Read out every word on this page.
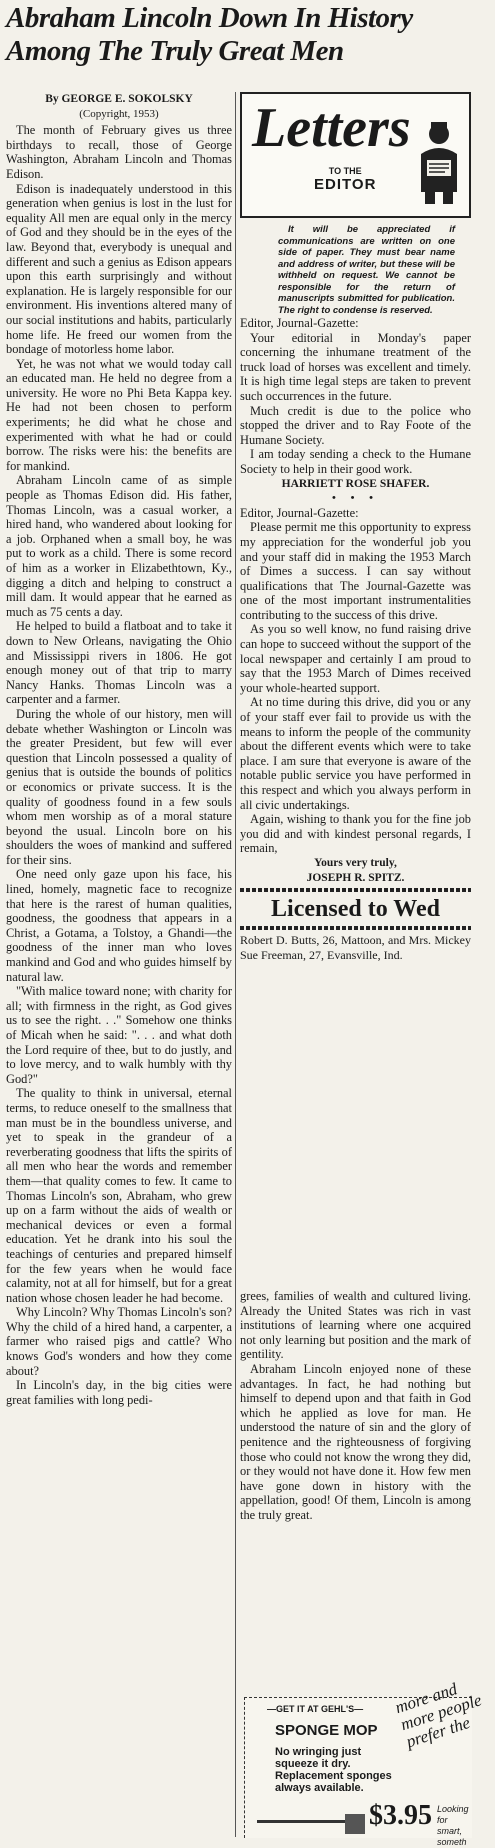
Abraham Lincoln Down In History
Among The Truly Great Men

By GEORGE E. SOKOLSKY

(Copyright, 1953)

The month of February gives us three birthdays to recall, those of George Washington, Abraham Lincoln and Thomas Edison.

Edison is inadequately understood in this generation when genius is lost in the lust for equality All men are equal only in the mercy of God and they should be in the eyes of the law. Beyond that, everybody is unequal and different and such a genius as Edison appears upon this earth surprisingly and without explanation. He is largely responsible for our environment. His inventions altered many of our social institutions and habits, particularly home life. He freed our women from the bondage of motorless home labor.

Yet, he was not what we would today call an educated man. He held no degree from a university. He wore no Phi Beta Kappa key. He had not been chosen to perform experiments; he did what he chose and experimented with what he had or could borrow. The risks were his: the benefits are for mankind.

Abraham Lincoln came of as simple people as Thomas Edison did. His father, Thomas Lincoln, was a casual worker, a hired hand, who wandered about looking for a job. Orphaned when a small boy, he was put to work as a child. There is some record of him as a worker in Elizabethtown, Ky., digging a ditch and helping to construct a mill dam. It would appear that he earned as much as 75 cents a day.

He helped to build a flatboat and to take it down to New Orleans, navigating the Ohio and Mississippi rivers in 1806. He got enough money out of that trip to marry Nancy Hanks. Thomas Lincoln was a carpenter and a farmer.

During the whole of our history, men will debate whether Washington or Lincoln was the greater President, but few will ever question that Lincoln possessed a quality of genius that is outside the bounds of politics or economics or private success. It is the quality of goodness found in a few souls whom men worship as of a moral stature beyond the usual. Lincoln bore on his shoulders the woes of mankind and suffered for their sins.

One need only gaze upon his face, his lined, homely, magnetic face to recognize that here is the rarest of human qualities, goodness, the goodness that appears in a Christ, a Gotama, a Tolstoy, a Ghandi—the goodness of the inner man who loves mankind and God and who guides himself by natural law.

"With malice toward none; with charity for all; with firmness in the right, as God gives us to see the right. . ." Somehow one thinks of Micah when he said: ". . . and what doth the Lord require of thee, but to do justly, and to love mercy, and to walk humbly with thy God?"

The quality to think in universal, eternal terms, to reduce oneself to the smallness that man must be in the boundless universe, and yet to speak in the grandeur of a reverberating goodness that lifts the spirits of all men who hear the words and remember them—that quality comes to few. It came to Thomas Lincoln's son, Abraham, who grew up on a farm without the aids of wealth or mechanical devices or even a formal education. Yet he drank into his soul the teachings of centuries and prepared himself for the few years when he would face calamity, not at all for himself, but for a great nation whose chosen leader he had become.

Why Lincoln? Why Thomas Lincoln's son? Why the child of a hired hand, a carpenter, a farmer who raised pigs and cattle? Who knows God's wonders and how they come about?

In Lincoln's day, in the big cities were great families with long pedi-

Letters
TO THE
EDITOR

It will be appreciated if communications are written on one side of paper. They must bear name and address of writer, but these will be withheld on request. We cannot be responsible for the return of manuscripts submitted for publication. The right to condense is reserved.

Editor, Journal-Gazette:

Your editorial in Monday's paper concerning the inhumane treatment of the truck load of horses was excellent and timely. It is high time legal steps are taken to prevent such occurrences in the future.

Much credit is due to the police who stopped the driver and to Ray Foote of the Humane Society.

I am today sending a check to the Humane Society to help in their good work.

HARRIETT ROSE SHAFER.

• • •

Editor, Journal-Gazette:

Please permit me this opportunity to express my appreciation for the wonderful job you and your staff did in making the 1953 March of Dimes a success. I can say without qualifications that The Journal-Gazette was one of the most important instrumentalities contributing to the success of this drive.

As you so well know, no fund raising drive can hope to succeed without the support of the local newspaper and certainly I am proud to say that the 1953 March of Dimes received your whole-hearted support.

At no time during this drive, did you or any of your staff ever fail to provide us with the means to inform the people of the community about the different events which were to take place. I am sure that everyone is aware of the notable public service you have performed in this respect and which you always perform in all civic undertakings.

Again, wishing to thank you for the fine job you did and with kindest personal regards, I remain,

Yours very truly,

JOSEPH R. SPITZ.

Licensed to Wed

Robert D. Butts, 26, Mattoon, and Mrs. Mickey Sue Freeman, 27, Evansville, Ind.

grees, families of wealth and cultured living. Already the United States was rich in vast institutions of learning where one acquired not only learning but position and the mark of gentility.

Abraham Lincoln enjoyed none of these advantages. In fact, he had nothing but himself to depend upon and that faith in God which he applied as love for man. He understood the nature of sin and the glory of penitence and the righteousness of forgiving those who could not know the wrong they did, or they would not have done it. How few men have gone down in history with the appellation, good! Of them, Lincoln is among the truly great.

—GET IT AT GEHL'S—
SPONGE MOP
more and more people prefer the
No wringing just squeeze it dry. Replacement sponges always available.
$3.95 Looking for smart, someth
